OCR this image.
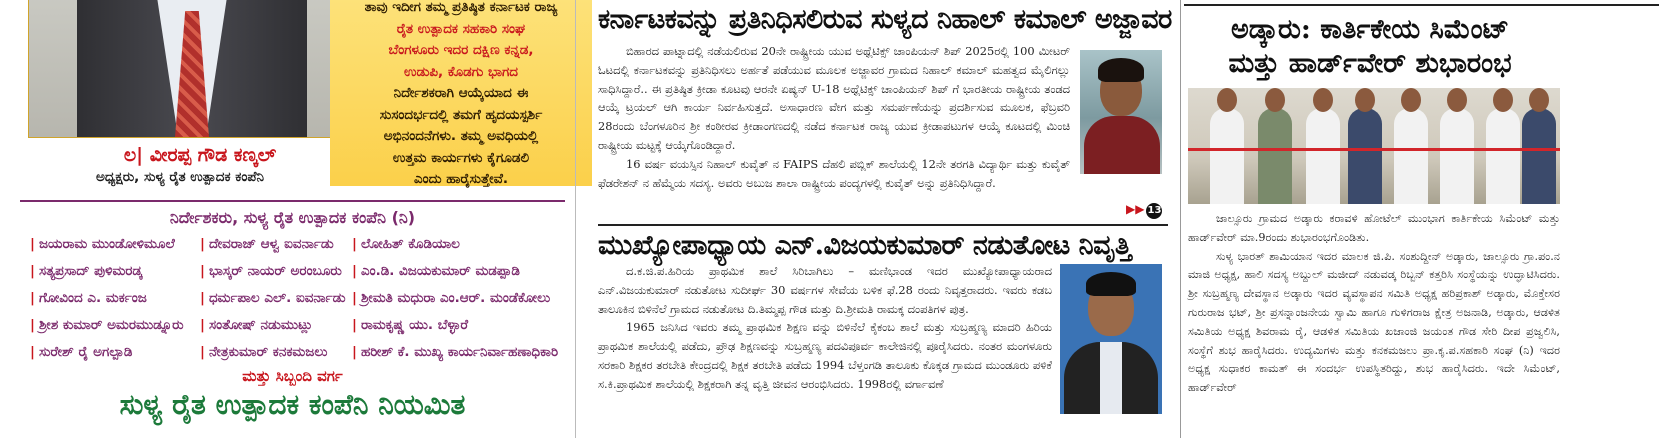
ತಾವು ಇದೀಗ ತಮ್ಮ ಪ್ರತಿಷ್ಠಿತ ಕರ್ನಾಟಕ ರಾಜ್ಯ
ರೈತ ಉತ್ಪಾದಕ ಸಹಕಾರಿ ಸಂಘ
ಬೆಂಗಳೂರು ಇದರ ದಕ್ಷಿಣ ಕನ್ನಡ,
ಉಡುಪಿ, ಕೊಡಗು ಭಾಗದ
ನಿರ್ದೇಶಕರಾಗಿ ಆಯ್ಕೆಯಾದ ಈ
ಸುಸಂದರ್ಭದಲ್ಲಿ ತಮಗೆ ಹೃದಯಸ್ಪರ್ಶಿ
ಅಭಿನಂದನೆಗಳು. ತಮ್ಮ ಅವಧಿಯಲ್ಲಿ
ಉತ್ತಮ ಕಾರ್ಯಗಳು ಕೈಗೂಡಲಿ
ಎಂದು ಹಾರೈಸುತ್ತೇವೆ.

ಲ| ವೀರಪ್ಪ ಗೌಡ ಕಣ್ಕಲ್
ಅಧ್ಯಕ್ಷರು, ಸುಳ್ಯ ರೈತ ಉತ್ಪಾದಕ ಕಂಪೆನಿ
ನಿರ್ದೇಶಕರು, ಸುಳ್ಯ ರೈತ ಉತ್ಪಾದಕ ಕಂಪೆನಿ (ನಿ)
| ಜಯರಾಮ ಮುಂಡೋಳಿಮೂಲೆ	| ದೇವರಾಜ್ ಆಳ್ವ ಐವರ್ನಾಡು	| ಲೋಹಿತ್ ಕೊಡಿಯಾಲ
| ಸತ್ಯಪ್ರಸಾದ್ ಪುಳಿಮರಡ್ಕ	| ಭಾಸ್ಕರ್ ನಾಯರ್ ಅರಂಬೂರು	| ಎಂ.ಡಿ. ವಿಜಯಕುಮಾರ್ ಮಡಪ್ಪಾಡಿ
| ಗೋವಿಂದ ಎ. ಮರ್ಕಂಜ	| ಧರ್ಮಪಾಲ ಎಲ್. ಐವರ್ನಾಡು	| ಶ್ರೀಮತಿ ಮಧುರಾ ಎಂ.ಆರ್. ಮಂಡೆಕೋಲು
| ಶ್ರೀಶ ಕುಮಾರ್ ಅಮರಮುಡ್ನೂರು	| ಸಂತೋಷ್ ನಡುಮುಟ್ಲು	| ರಾಮಕೃಷ್ಣ ಯು. ಬೆಳ್ಳಾರೆ
| ಸುರೇಶ್ ರೈ ಅಗಲ್ಪಾಡಿ	| ನೇತ್ರಕುಮಾರ್ ಕನಕಮಜಲು	| ಹರೀಶ್ ಕೆ. ಮುಖ್ಯ ಕಾರ್ಯನಿರ್ವಾಹಣಾಧಿಕಾರಿ
ಮತ್ತು ಸಿಬ್ಬಂದಿ ವರ್ಗ
ಸುಳ್ಯ ರೈತ ಉತ್ಪಾದಕ ಕಂಪೆನಿ ನಿಯಮಿತ
ಕರ್ನಾಟಕವನ್ನು ಪ್ರತಿನಿಧಿಸಲಿರುವ ಸುಳ್ಯದ ನಿಹಾಲ್ ಕಮಾಲ್ ಅಜ್ಜಾವರ

ಬಿಹಾರದ ಪಾಟ್ನಾದಲ್ಲಿ ನಡೆಯಲಿರುವ 20ನೇ ರಾಷ್ಟ್ರೀಯ ಯುವ ಅಥ್ಲೆಟಿಕ್ಸ್ ಚಾಂಪಿಯನ್ ಶಿಪ್ 2025ರಲ್ಲಿ 100 ಮೀಟರ್ ಓಟದಲ್ಲಿ ಕರ್ನಾಟಕವನ್ನು ಪ್ರತಿನಿಧಿಸಲು ಅರ್ಹತೆ ಪಡೆಯುವ ಮೂಲಕ ಅಜ್ಜಾವರ ಗ್ರಾಮದ ನಿಹಾಲ್ ಕಮಾಲ್ ಮಹತ್ವದ ಮೈಲಿಗಲ್ಲು ಸಾಧಿಸಿದ್ದಾರೆ.. ಈ ಪ್ರತಿಷ್ಠಿತ ಕ್ರೀಡಾ ಕೂಟವು ಆರನೇ ಏಷ್ಯನ್ U-18 ಅಥ್ಲೆಟಿಕ್ಸ್ ಚಾಂಪಿಯನ್ ಶಿಪ್ ಗೆ ಭಾರತೀಯ ರಾಷ್ಟ್ರೀಯ ತಂಡದ ಆಯ್ಕೆ ಟ್ರಯಲ್ ಆಗಿ ಕಾರ್ಯ ನಿರ್ವಹಿಸುತ್ತದೆ. ಅಸಾಧಾರಣ ವೇಗ ಮತ್ತು ಸಮರ್ಪಣೆಯನ್ನು ಪ್ರದರ್ಶಿಸುವ ಮೂಲಕ, ಫೆಬ್ರವರಿ 28ರಂದು ಬೆಂಗಳೂರಿನ ಶ್ರೀ ಕಂಠೀರವ ಕ್ರೀಡಾಂಗಣದಲ್ಲಿ ನಡೆದ ಕರ್ನಾಟಕ ರಾಜ್ಯ ಯುವ ಕ್ರೀಡಾಪಟುಗಳ ಆಯ್ಕೆ ಕೂಟದಲ್ಲಿ ಮಿಂಚಿ ರಾಷ್ಟ್ರೀಯ ಮಟ್ಟಕ್ಕೆ ಆಯ್ಕೆಗೊಂಡಿದ್ದಾರೆ.

16 ವರ್ಷ ವಯಸ್ಸಿನ ನಿಹಾಲ್ ಕುವೈತ್ ನ FAIPS ದೆಹಲಿ ಪಬ್ಲಿಕ್ ಶಾಲೆಯಲ್ಲಿ 12ನೇ ತರಗತಿ ವಿದ್ಯಾರ್ಥಿ ಮತ್ತು ಕುವೈತ್ ಫೆಡರೇಶನ್ ನ ಹೆಮ್ಮೆಯ ಸದಸ್ಯ. ಅವರು ಅಬುಜ ಶಾಲಾ ರಾಷ್ಟ್ರೀಯ ಪಂದ್ಯಗಳಲ್ಲಿ ಕುವೈತ್ ಅನ್ನು ಪ್ರತಿನಿಧಿಸಿದ್ದಾರೆ.

▶▶ 13
ಮುಖ್ಯೋಪಾಧ್ಯಾಯ ಎನ್.ವಿಜಯಕುಮಾರ್ ನಡುತೋಟ ನಿವೃತ್ತಿ

ದ.ಕ.ಜಿ.ಪ.ಹಿರಿಯ ಪ್ರಾಥಮಿಕ ಶಾಲೆ ಸಿರಿಬಾಗಿಲು – ಮಣಿಭಾಂಡ ಇದರ ಮುಖ್ಯೋಪಾಧ್ಯಾಯರಾದ ಎನ್.ವಿಜಯಕುಮಾರ್ ನಡುತೋಟ ಸುದೀರ್ಘ 30 ವರ್ಷಗಳ ಸೇವೆಯ ಬಳಿಕ ಫೆ.28 ರಂದು ನಿವೃತ್ತರಾದರು. ಇವರು ಕಡಬ ತಾಲೂಕಿನ ಬಿಳಿನೆಲೆ ಗ್ರಾಮದ ನಡುತೋಟ ದಿ.ತಿಮ್ಮಪ್ಪ ಗೌಡ ಮತ್ತು ದಿ.ಶ್ರೀಮತಿ ರಾಮಕ್ಕ ದಂಪತಿಗಳ ಪುತ್ರ.

1965 ಜನಿಸಿದ ಇವರು ತಮ್ಮ ಪ್ರಾಥಮಿಕ ಶಿಕ್ಷಣ ವನ್ನು ಬಿಳಿನೆಲೆ ಕೈಕಂಬ ಶಾಲೆ ಮತ್ತು ಸುಬ್ರಹ್ಮಣ್ಯ ಮಾದರಿ ಹಿರಿಯ ಪ್ರಾಥಮಿಕ ಶಾಲೆಯಲ್ಲಿ ಪಡೆದು, ಪ್ರೌಢ ಶಿಕ್ಷಣವನ್ನು ಸುಬ್ರಹ್ಮಣ್ಯ ಪದವಿಪೂರ್ವ ಕಾಲೇಜಿನಲ್ಲಿ ಪೂರೈಸಿದರು. ನಂತರ ಮಂಗಳೂರು ಸರಕಾರಿ ಶಿಕ್ಷಕರ ತರಬೇತಿ ಕೇಂದ್ರದಲ್ಲಿ ಶಿಕ್ಷಕ ತರಬೇತಿ ಪಡೆದು 1994 ಬೆಳ್ತಂಗಡಿ ತಾಲೂಕು ಕೊಕ್ಕಡ ಗ್ರಾಮದ ಮುಂಡೂರು ಪಳಿಕೆ ಸ.ಕಿ.ಪ್ರಾಥಮಿಕ ಶಾಲೆಯಲ್ಲಿ ಶಿಕ್ಷಕರಾಗಿ ತನ್ನ ವೃತ್ತಿ ಜೀವನ ಆರಂಭಿಸಿದರು. 1998ರಲ್ಲಿ ವರ್ಗಾವಣೆ

ಅಡ್ಕಾರು: ಕಾರ್ತಿಕೇಯ ಸಿಮೆಂಟ್
ಮತ್ತು ಹಾರ್ಡ್‌ವೇರ್ ಶುಭಾರಂಭ

ಜಾಲ್ಸೂರು ಗ್ರಾಮದ ಅಡ್ಕಾರು ಕರಾವಳಿ ಹೋಟೆಲ್ ಮುಂಭಾಗ ಕಾರ್ತಿಕೇಯ ಸಿಮೆಂಟ್ ಮತ್ತು ಹಾರ್ಡ್‌ವೇರ್ ಮಾ.9ರಂದು ಶುಭಾರಂಭಗೊಂಡಿತು.

ಸುಳ್ಯ ಭಾರತ್ ಶಾಮಿಯಾನ ಇದರ ಮಾಲಕ ಜಿ.ಪಿ. ಸಂಶುದ್ದೀನ್ ಅಡ್ಕಾರು, ಜಾಲ್ಸೂರು ಗ್ರಾ.ಪಂ.ನ ಮಾಜಿ ಅಧ್ಯಕ್ಷ, ಹಾಲಿ ಸದಸ್ಯ ಅಬ್ದುಲ್ ಮಜೀದ್ ನಡುವಡ್ಕ ರಿಬ್ಬನ್ ಕತ್ತರಿಸಿ ಸಂಸ್ಥೆಯನ್ನು ಉದ್ಘಾಟಿಸಿದರು. ಶ್ರೀ ಸುಬ್ರಹ್ಮಣ್ಯ ದೇವಸ್ಥಾನ ಅಡ್ಕಾರು ಇದರ ವ್ಯವಸ್ಥಾಪನ ಸಮಿತಿ ಅಧ್ಯಕ್ಷ ಹರಿಪ್ರಕಾಶ್ ಅಡ್ಕಾರು, ಮೊಕ್ತೇಸರ ಗುರುರಾಜ ಭಟ್, ಶ್ರೀ ಪ್ರಸನ್ನಾಂಜನೇಯ ಸ್ವಾಮಿ ಹಾಗೂ ಗುಳಿಗರಾಜ ಕ್ಷೇತ್ರ ಅಜನಾಡಿ, ಅಡ್ಕಾರು, ಆಡಳಿತ ಸಮಿತಿಯ ಅಧ್ಯಕ್ಷ ಶಿವರಾಮ ರೈ, ಆಡಳಿತ ಸಮಿತಿಯ ಖಜಾಂಜಿ ಜಯಂತ ಗೌಡ ಸೇರಿ ದೀಪ ಪ್ರಜ್ವಲಿಸಿ, ಸಂಸ್ಥೆಗೆ ಶುಭ ಹಾರೈಸಿದರು. ಉದ್ಯಮಿಗಳು ಮತ್ತು ಕನಕಮಜಲು ಪ್ರಾ.ಕೃ.ಪ.ಸಹಕಾರಿ ಸಂಘ (ನಿ) ಇದರ ಅಧ್ಯಕ್ಷ ಸುಧಾಕರ ಕಾಮತ್ ಈ ಸಂದರ್ಭ ಉಪಸ್ಥಿತರಿದ್ದು, ಶುಭ ಹಾರೈಸಿದರು. ಇದೇ ಸಿಮೆಂಟ್, ಹಾರ್ಡ್‌ವೇರ್
